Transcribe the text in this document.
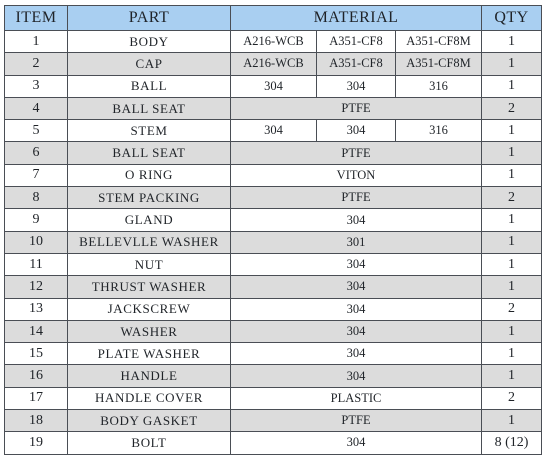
ITEM	PART	MATERIAL			QTY
1	BODY	A216-WCB	A351-CF8	A351-CF8M	1
2	CAP	A216-WCB	A351-CF8	A351-CF8M	1
3	BALL	304	304	316	1
4	BALL SEAT	PTFE			2
5	STEM	304	304	316	1
6	BALL SEAT	PTFE			1
7	O RING	VITON			1
8	STEM PACKING	PTFE			2
9	GLAND	304			1
10	BELLEVLLE WASHER	301			1
11	NUT	304			1
12	THRUST WASHER	304			1
13	JACKSCREW	304			2
14	WASHER	304			1
15	PLATE WASHER	304			1
16	HANDLE	304			1
17	HANDLE COVER	PLASTIC			2
18	BODY GASKET	PTFE			1
19	BOLT	304			8 (12)
